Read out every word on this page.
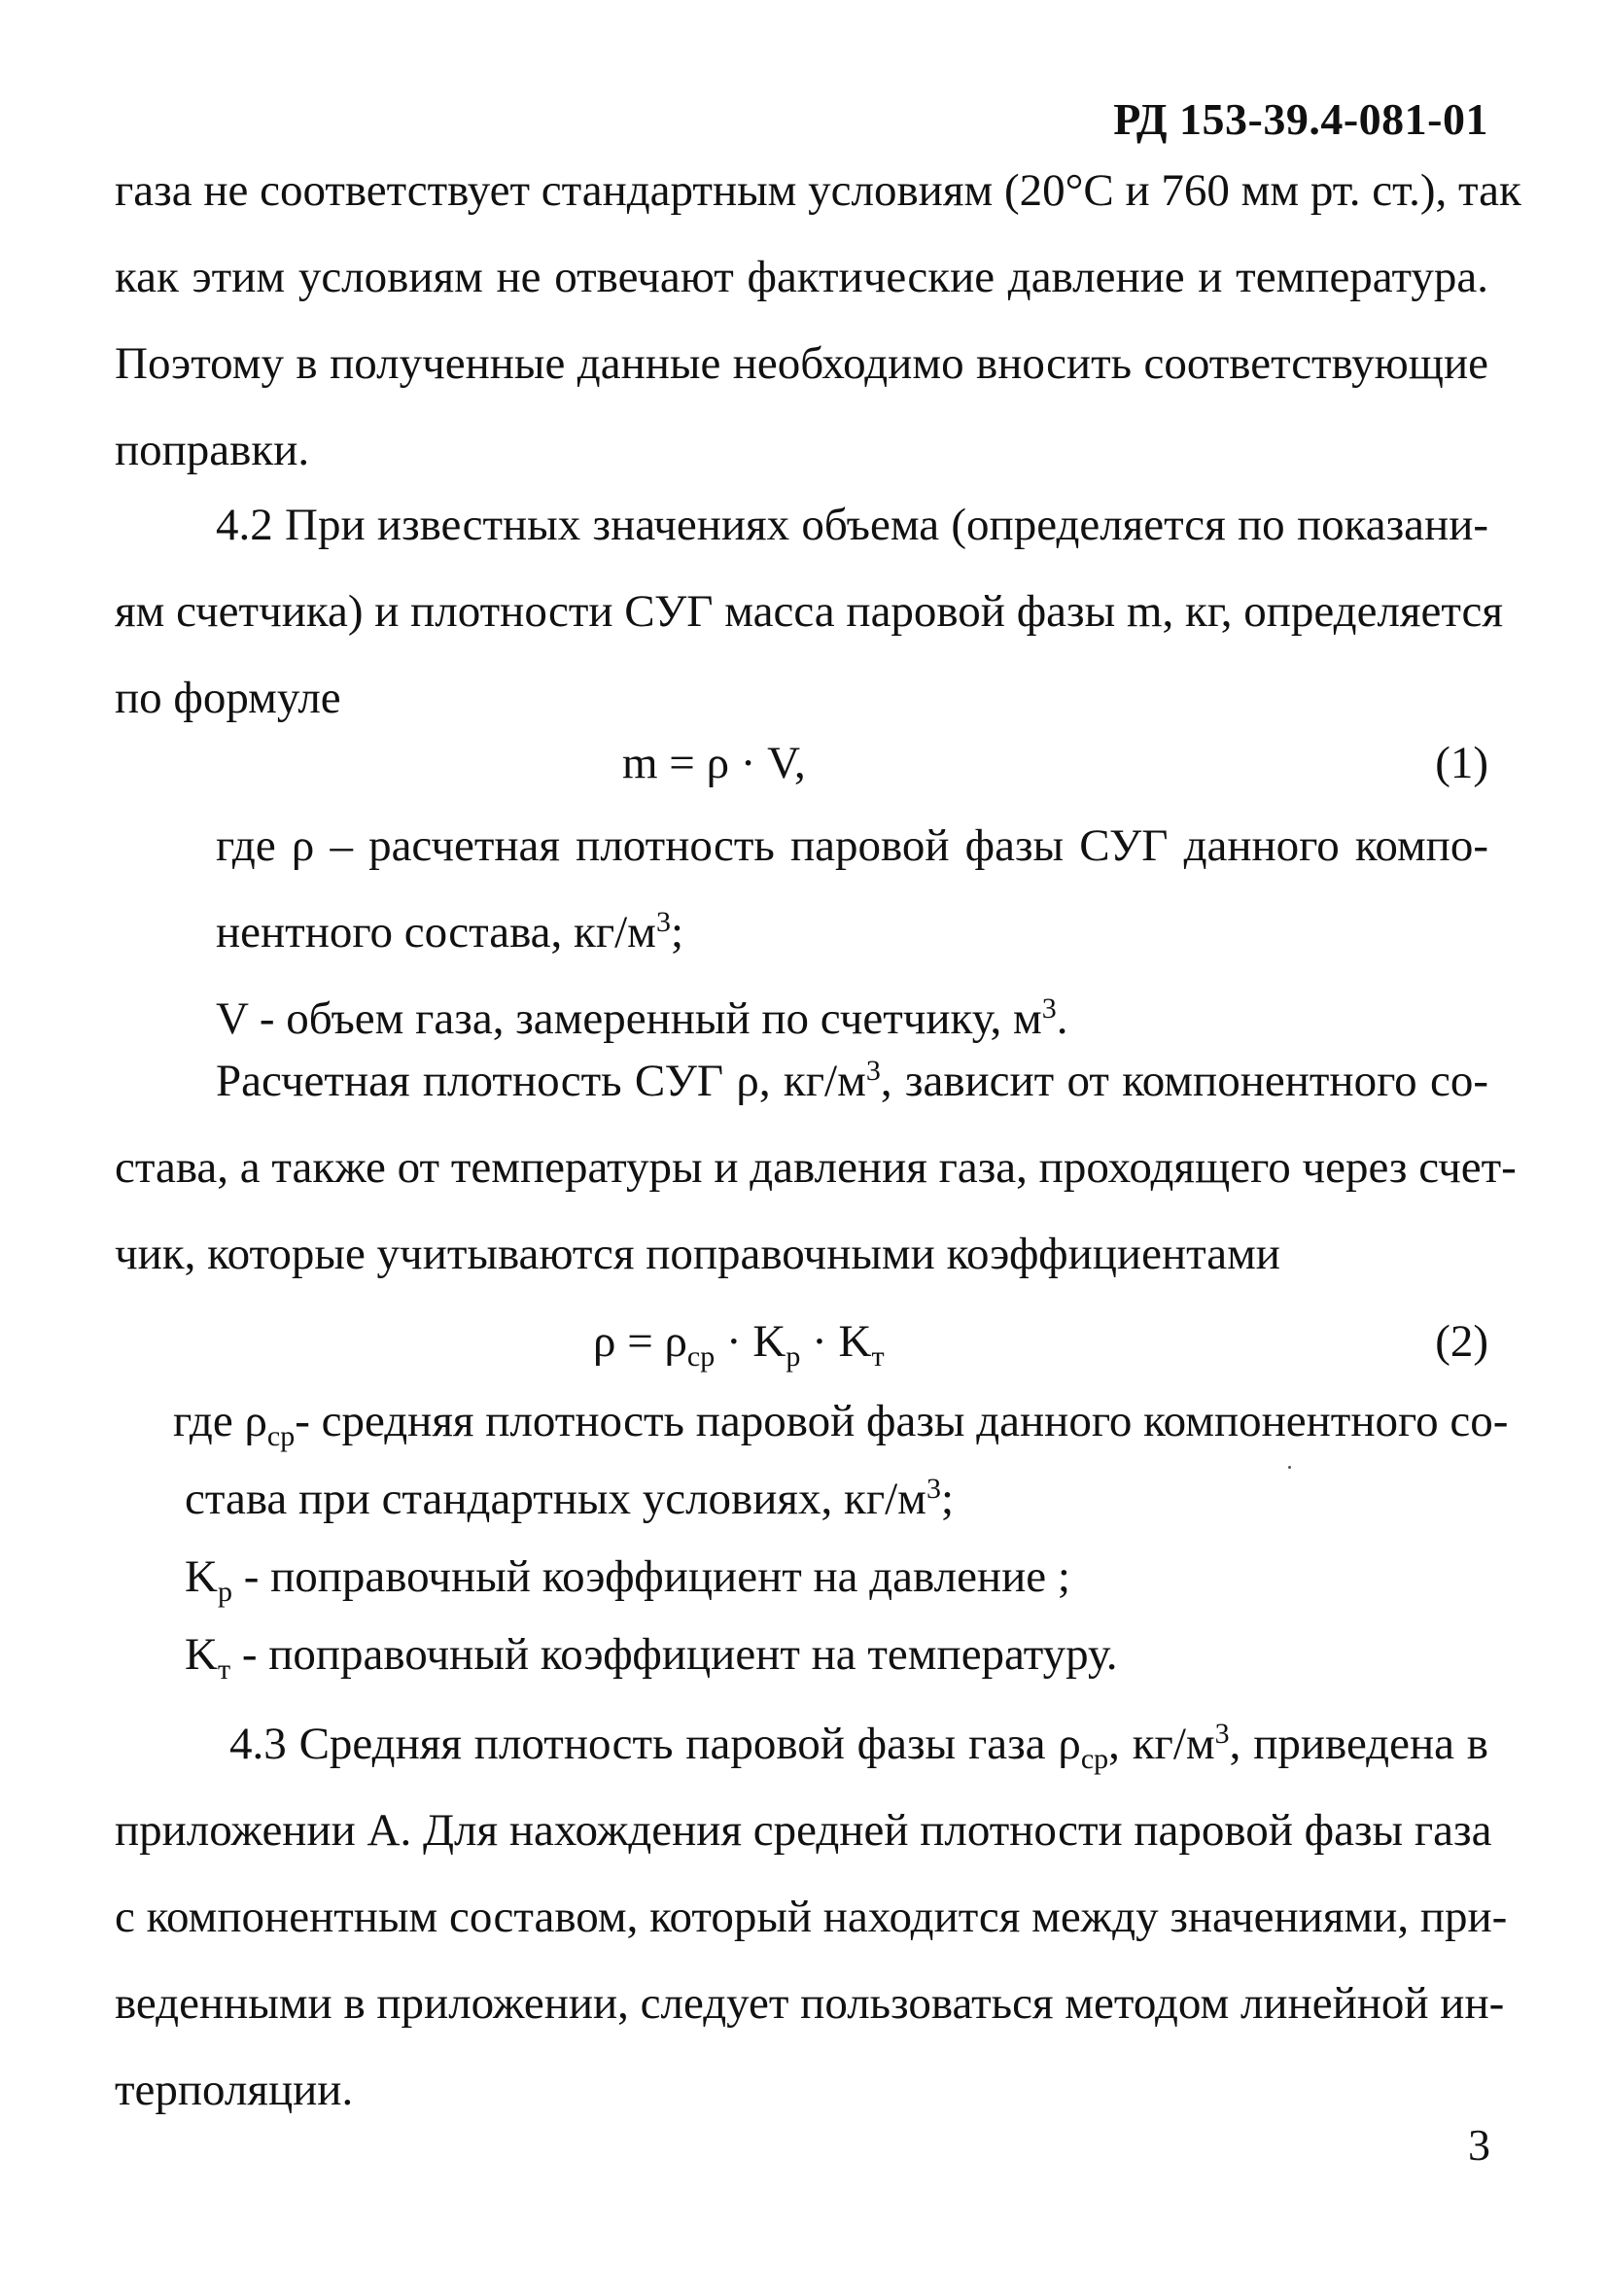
РД 153-39.4-081-01
газа не соответствует стандартным условиям (20°С и 760 мм рт. ст.), так
как этим условиям не отвечают фактические давление и температура.
Поэтому в полученные данные необходимо вносить соответствующие
поправки.
4.2 При известных значениях объема (определяется по показани-
ям счетчика) и плотности СУГ масса паровой фазы m, кг, определяется
по формуле
m = ρ · V,	(1)
где ρ – расчетная плотность паровой фазы СУГ данного компо-
нентного состава, $кг/м^3$;
V - объем газа, замеренный по счетчику, $м^3$.
Расчетная плотность СУГ ρ, $кг/м^3$, зависит от компонентного со-
става, а также от температуры и давления газа, проходящего через счет-
чик, которые учитываются поправочными коэффициентами
$\rho = \rho_{ср} \cdot K_р \cdot K_т$	(2)
где $\rho_{ср}-$ средняя плотность паровой фазы данного компонентного со-
става при стандартных условиях, $кг/м^3$;
$K_р$ - поправочный коэффициент на давление ;
$K_т$ - поправочный коэффициент на температуру.
4.3 Средняя плотность паровой фазы газа $\rho_{ср}$, $кг/м^3$, приведена в
приложении А. Для нахождения средней плотности паровой фазы газа
с компонентным составом, который находится между значениями, при-
веденными в приложении, следует пользоваться методом линейной ин-
терполяции.
3
